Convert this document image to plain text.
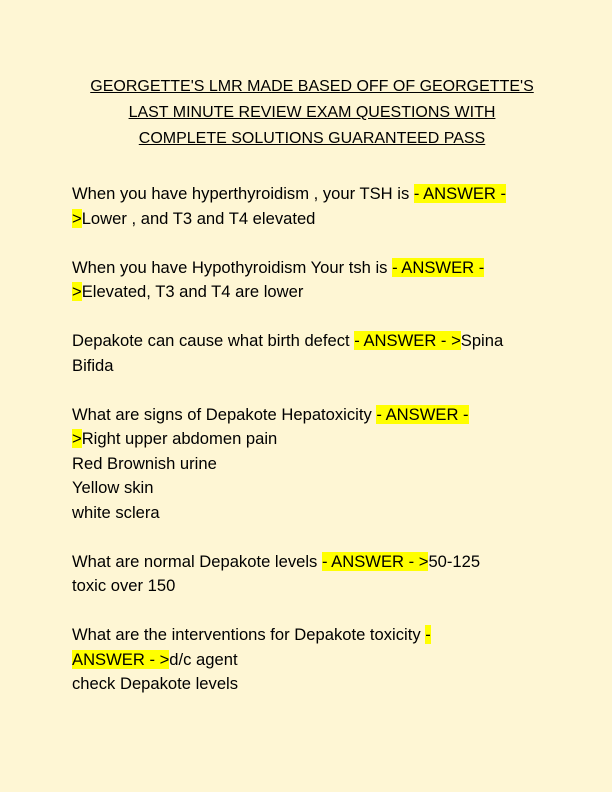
GEORGETTE'S LMR MADE BASED OFF OF GEORGETTE'S
LAST MINUTE REVIEW EXAM QUESTIONS WITH
COMPLETE SOLUTIONS GUARANTEED PASS
When you have hyperthyroidism , your TSH is - ANSWER -
>Lower , and T3 and T4 elevated
When you have Hypothyroidism Your tsh is - ANSWER -
>Elevated, T3 and T4 are lower
Depakote can cause what birth defect - ANSWER - >Spina
Bifida
What are signs of Depakote Hepatoxicity - ANSWER -
>Right upper abdomen pain
Red Brownish urine
Yellow skin
white sclera
What are normal Depakote levels - ANSWER - >50-125
toxic over 150
What are the interventions for Depakote toxicity -
ANSWER - >d/c agent
check Depakote levels
